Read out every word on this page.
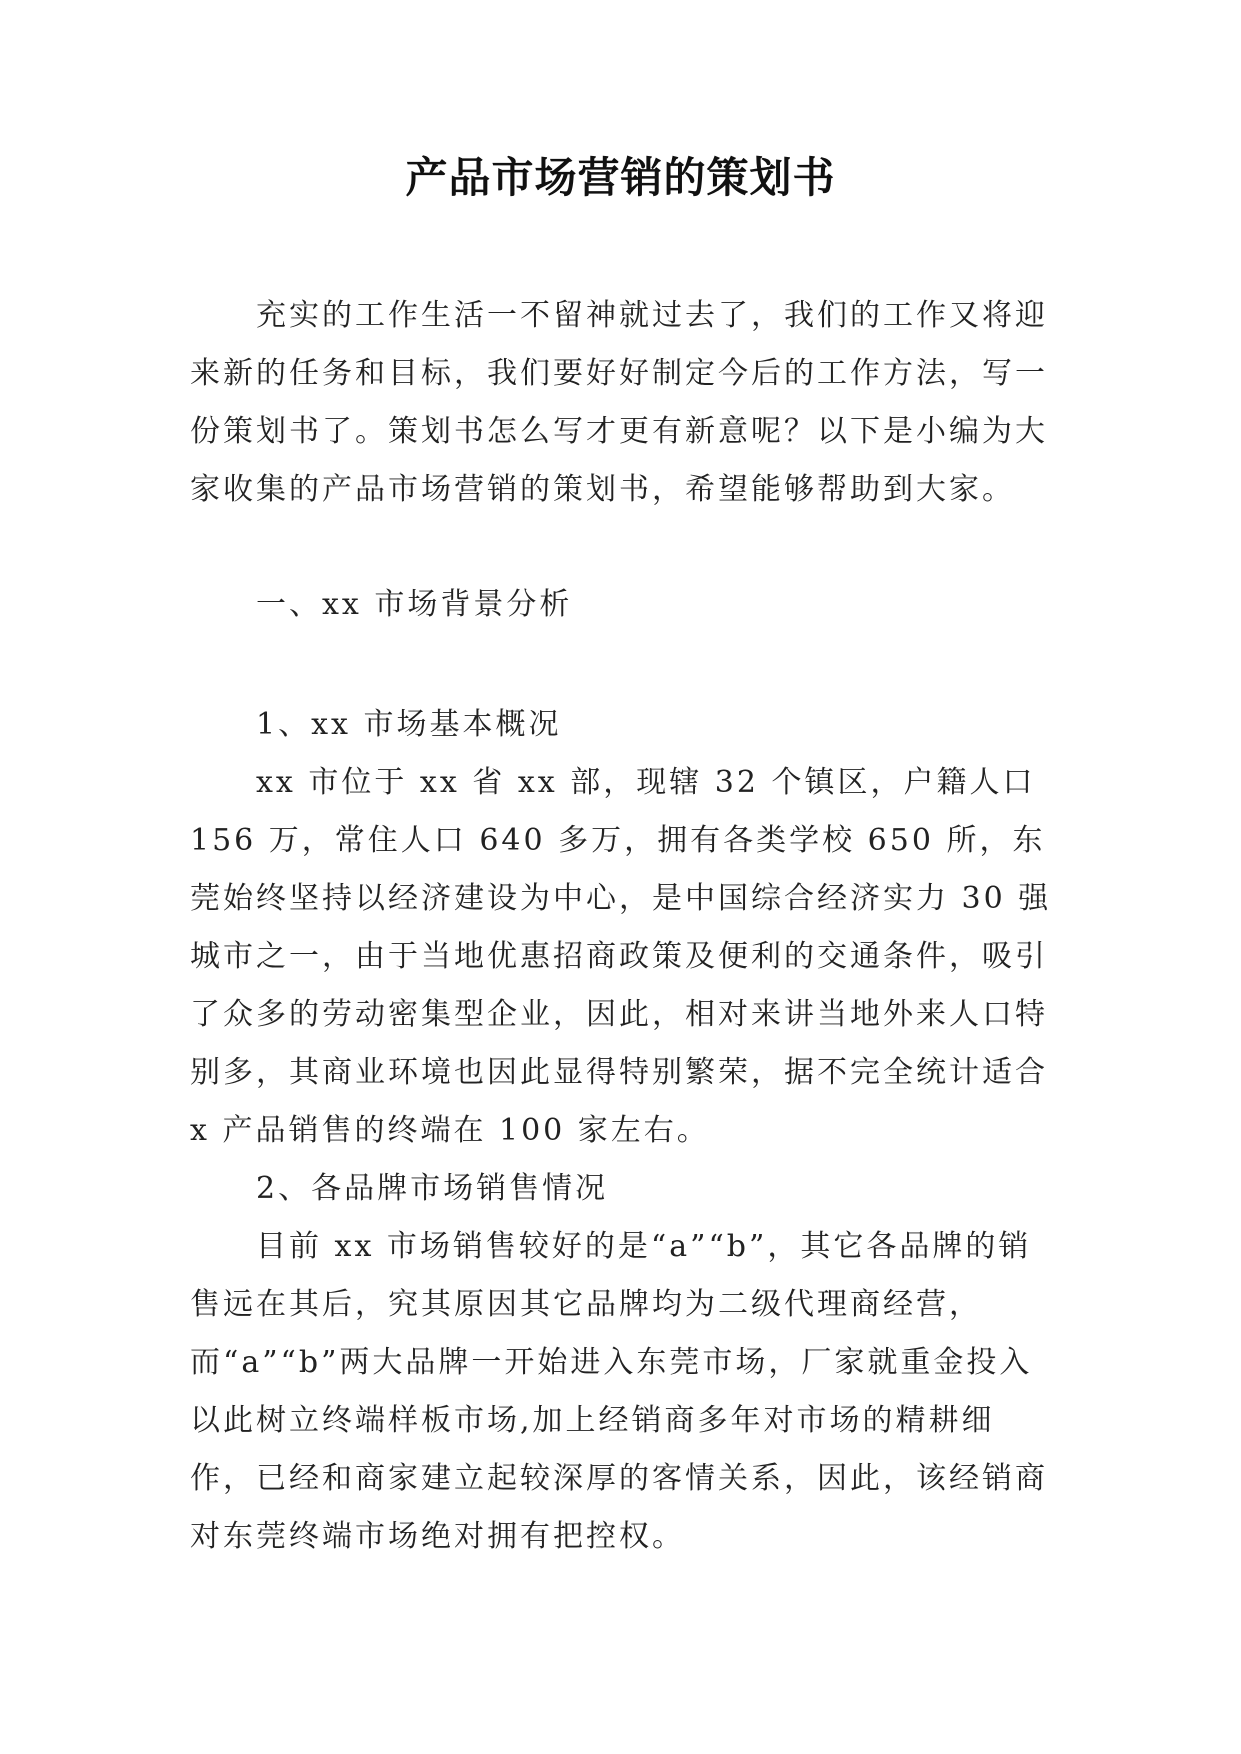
产品市场营销的策划书

充实的工作生活一不留神就过去了，我们的工作又将迎来新的任务和目标，我们要好好制定今后的工作方法，写一份策划书了。策划书怎么写才更有新意呢？以下是小编为大家收集的产品市场营销的策划书，希望能够帮助到大家。

一、xx 市场背景分析

1、xx 市场基本概况

xx 市位于 xx 省 xx 部，现辖 32 个镇区，户籍人口 156 万，常住人口 640 多万，拥有各类学校 650 所，东莞始终坚持以经济建设为中心，是中国综合经济实力 30 强城市之一，由于当地优惠招商政策及便利的交通条件，吸引了众多的劳动密集型企业，因此，相对来讲当地外来人口特别多，其商业环境也因此显得特别繁荣，据不完全统计适合 x 产品销售的终端在 100 家左右。

2、各品牌市场销售情况

目前 xx 市场销售较好的是“a”“b”，其它各品牌的销售远在其后，究其原因其它品牌均为二级代理商经营，而“a”“b”两大品牌一开始进入东莞市场，厂家就重金投入以此树立终端样板市场,加上经销商多年对市场的精耕细作，已经和商家建立起较深厚的客情关系，因此，该经销商对东莞终端市场绝对拥有把控权。
